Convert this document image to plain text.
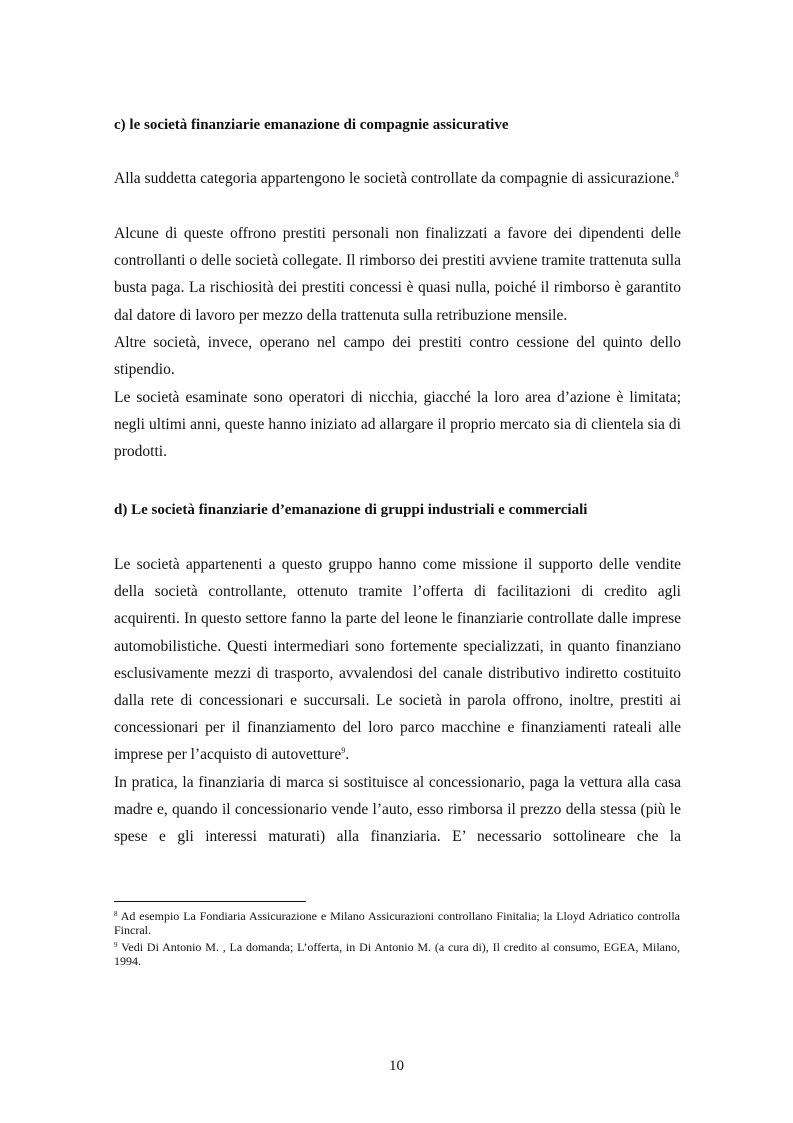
c) le società finanziarie emanazione di compagnie assicurative

Alla suddetta categoria appartengono le società controllate da compagnie di assicurazione.$^8$

Alcune di queste offrono prestiti personali non finalizzati a favore dei dipendenti delle controllanti o delle società collegate. Il rimborso dei prestiti avviene tramite trattenuta sulla busta paga. La rischiosità dei prestiti concessi è quasi nulla, poiché il rimborso è garantito dal datore di lavoro per mezzo della trattenuta sulla retribuzione mensile.

Altre società, invece, operano nel campo dei prestiti contro cessione del quinto dello stipendio.

Le società esaminate sono operatori di nicchia, giacché la loro area d’azione è limitata; negli ultimi anni, queste hanno iniziato ad allargare il proprio mercato sia di clientela sia di prodotti.

d) Le società finanziarie d’emanazione di gruppi industriali e commerciali

Le società appartenenti a questo gruppo hanno come missione il supporto delle vendite della società controllante, ottenuto tramite l’offerta di facilitazioni di credito agli acquirenti. In questo settore fanno la parte del leone le finanziarie controllate dalle imprese automobilistiche. Questi intermediari sono fortemente specializzati, in quanto finanziano esclusivamente mezzi di trasporto, avvalendosi del canale distributivo indiretto costituito dalla rete di concessionari e succursali. Le società in parola offrono, inoltre, prestiti ai concessionari per il finanziamento del loro parco macchine e finanziamenti rateali alle imprese per l’acquisto di autovetture$^9$.

In pratica, la finanziaria di marca si sostituisce al concessionario, paga la vettura alla casa madre e, quando il concessionario vende l’auto, esso rimborsa il prezzo della stessa (più le spese e gli interessi maturati) alla finanziaria. E’ necessario sottolineare che la

$^8$ Ad esempio La Fondiaria Assicurazione e Milano Assicurazioni controllano Finitalia; la Lloyd Adriatico controlla Fincral.
$^9$ Vedi Di Antonio M. , La domanda; L’offerta, in Di Antonio M. (a cura di), Il credito al consumo, EGEA, Milano, 1994.
10
